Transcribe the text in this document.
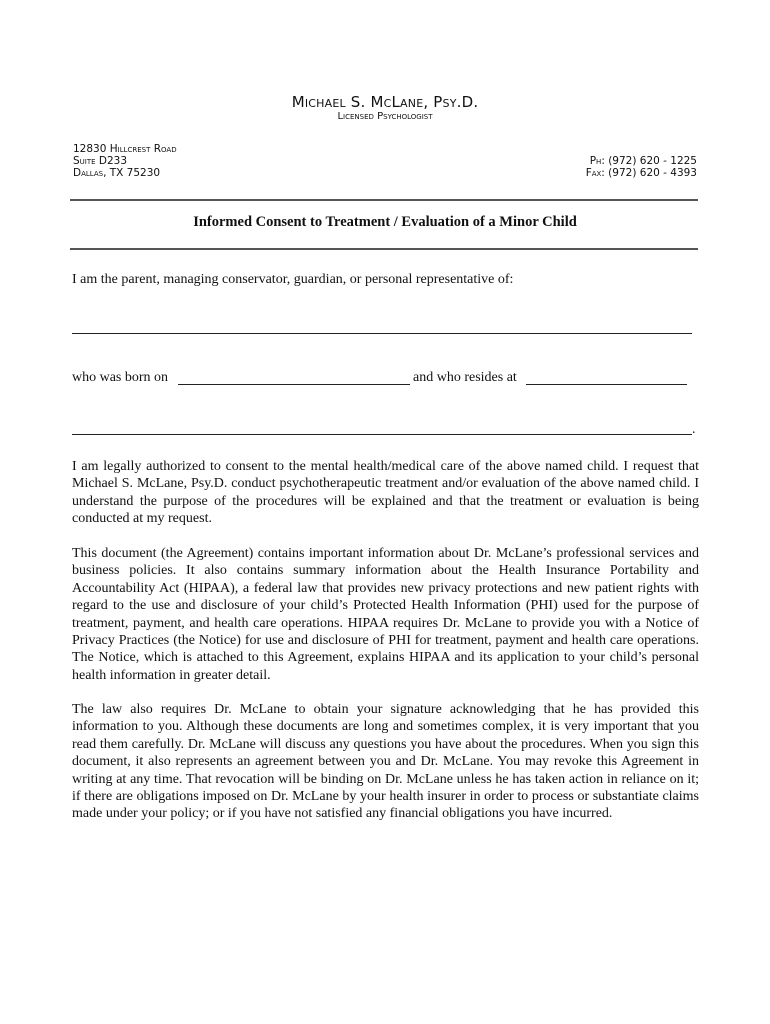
Michael S. McLane, Psy.D.
Licensed Psychologist
12830 Hillcrest Road
Suite D233
Dallas, TX 75230
Ph: (972) 620 - 1225
Fax: (972) 620 - 4393
Informed Consent to Treatment / Evaluation of a Minor Child
I am the parent, managing conservator, guardian, or personal representative of:
who was born on	and who resides at
.

I am legally authorized to consent to the mental health/medical care of the above named child. I request that Michael S. McLane, Psy.D. conduct psychotherapeutic treatment and/or evaluation of the above named child. I understand the purpose of the procedures will be explained and that the treatment or evaluation is being conducted at my request.

This document (the Agreement) contains important information about Dr. McLane’s professional services and business policies. It also contains summary information about the Health Insurance Portability and Accountability Act (HIPAA), a federal law that provides new privacy protections and new patient rights with regard to the use and disclosure of your child’s Protected Health Information (PHI) used for the purpose of treatment, payment, and health care operations. HIPAA requires Dr. McLane to provide you with a Notice of Privacy Practices (the Notice) for use and disclosure of PHI for treatment, payment and health care operations. The Notice, which is attached to this Agreement, explains HIPAA and its application to your child’s personal health information in greater detail.

The law also requires Dr. McLane to obtain your signature acknowledging that he has provided this information to you. Although these documents are long and sometimes complex, it is very important that you read them carefully. Dr. McLane will discuss any questions you have about the procedures. When you sign this document, it also represents an agreement between you and Dr. McLane. You may revoke this Agreement in writing at any time. That revocation will be binding on Dr. McLane unless he has taken action in reliance on it; if there are obligations imposed on Dr. McLane by your health insurer in order to process or substantiate claims made under your policy; or if you have not satisfied any financial obligations you have incurred.
